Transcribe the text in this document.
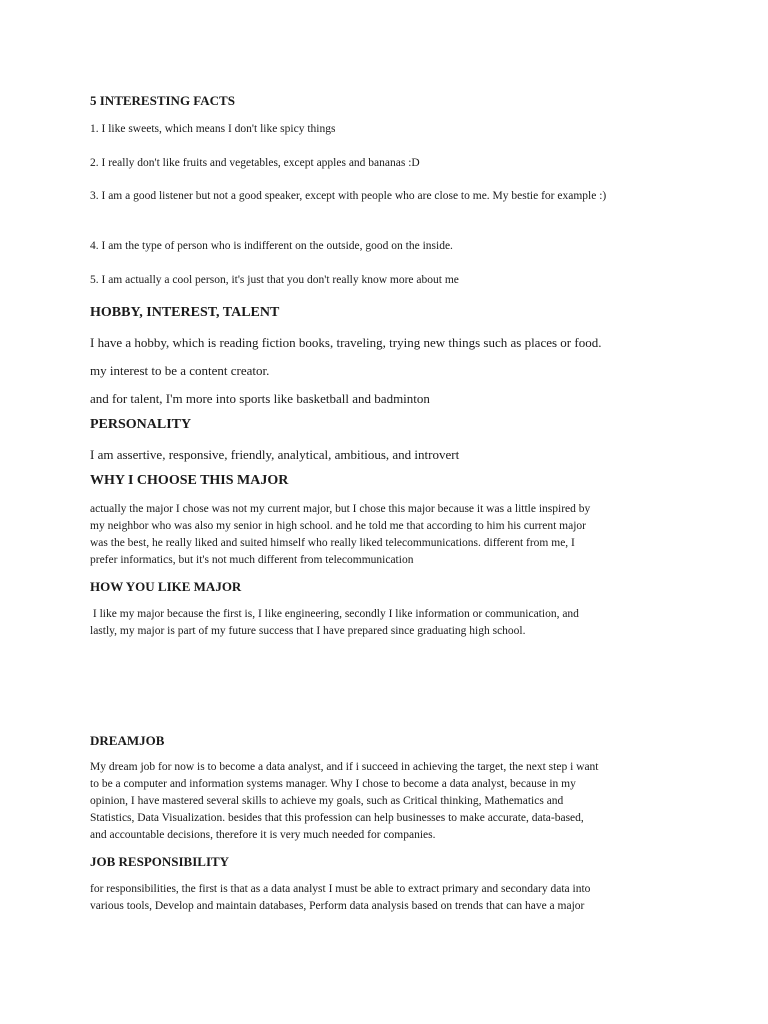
5 INTERESTING FACTS
1. I like sweets, which means I don't like spicy things
2. I really don't like fruits and vegetables, except apples and bananas :D
3. I am a good listener but not a good speaker, except with people who are close to me. My bestie for example :)
4. I am the type of person who is indifferent on the outside, good on the inside.
5. I am actually a cool person, it's just that you don't really know more about me
HOBBY, INTEREST, TALENT
I have a hobby, which is reading fiction books, traveling, trying new things such as places or food.
my interest to be a content creator.
and for talent, I'm more into sports like basketball and badminton
PERSONALITY
I am assertive, responsive, friendly, analytical, ambitious, and introvert
WHY I CHOOSE THIS MAJOR
actually the major I chose was not my current major, but I chose this major because it was a little inspired by
my neighbor who was also my senior in high school. and he told me that according to him his current major
was the best, he really liked and suited himself who really liked telecommunications. different from me, I
prefer informatics, but it's not much different from telecommunication
HOW YOU LIKE MAJOR
I like my major because the first is, I like engineering, secondly I like information or communication, and
lastly, my major is part of my future success that I have prepared since graduating high school.
DREAMJOB
My dream job for now is to become a data analyst, and if i succeed in achieving the target, the next step i want
to be a computer and information systems manager. Why I chose to become a data analyst, because in my
opinion, I have mastered several skills to achieve my goals, such as Critical thinking, Mathematics and
Statistics, Data Visualization. besides that this profession can help businesses to make accurate, data-based,
and accountable decisions, therefore it is very much needed for companies.
JOB RESPONSIBILITY
for responsibilities, the first is that as a data analyst I must be able to extract primary and secondary data into
various tools, Develop and maintain databases, Perform data analysis based on trends that can have a major
